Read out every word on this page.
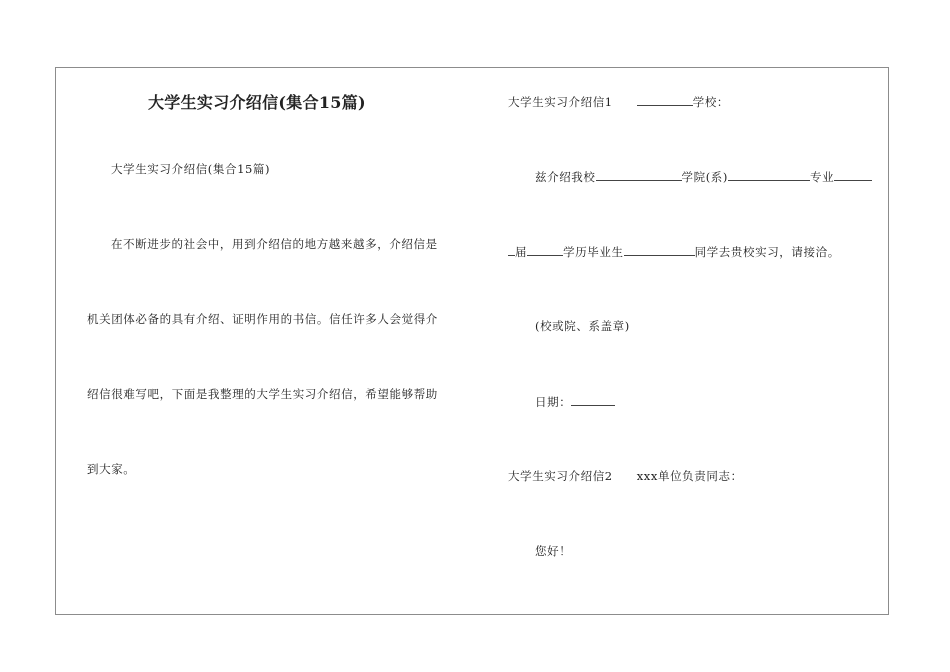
大学生实习介绍信(集合15篇)
大学生实习介绍信(集合15篇)
在不断进步的社会中，用到介绍信的地方越来越多，介绍信是
机关团体必备的具有介绍、证明作用的书信。信任许多人会觉得介
绍信很难写吧，下面是我整理的大学生实习介绍信，希望能够帮助
到大家。
大学生实习介绍信1	学校：
兹介绍我校	学院(系)	专业
届	学历毕业生	同学去贵校实习，请接洽。
(校或院、系盖章)
日期：
大学生实习介绍信2 xxx单位负责同志：
您好！
